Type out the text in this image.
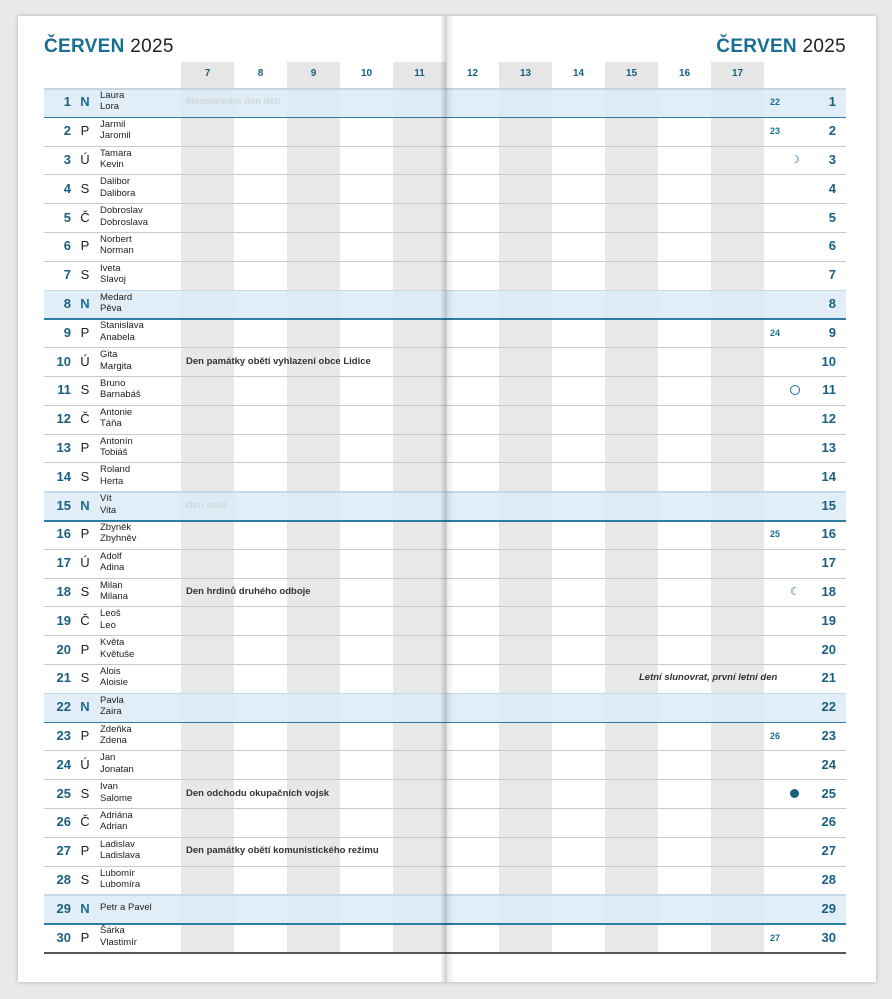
ČERVEN 2025	ČERVEN 2025
7	8	9	10	11	12	13	14	15	16	17
1 N Laura
Lora	Mezinárodní den dětí	22	1
2 P Jarmil
Jaromil	23	2
3 Ú Tamara
Kevin	☽	3
4 S Dalibor
Dalibora	4
5 Č Dobroslav
Dobroslava	5
6 P Norbert
Norman	6
7 S Iveta
Slavoj	7
8 N Medard
Pěva	8
9 P Stanislava
Anabela	24	9
10 Ú Gita
Margita	Den památky obětí vyhlazení obce Lidice	10
11 S Bruno
Barnabáš	11
12 Č Antonie
Táňa	12
13 P Antonín
Tobiáš	13
14 S Roland
Herta	14
15 N Vít
Vita	Den otců	15
16 P Zbyněk
Zbyhněv	25	16
17 Ú Adolf
Adina	17
18 S Milan
Milana	Den hrdinů druhého odboje	☾	18
19 Č Leoš
Leo	19
20 P Květa
Květuše	20
21 S Alois
Aloisie	Letní slunovrat, první letní den	21
22 N Pavla
Zaira	22
23 P Zdeňka
Zdena	26	23
24 Ú Jan
Jonatan	24
25 S Ivan
Salome	Den odchodu okupačních vojsk	25
26 Č Adriána
Adrian	26
27 P Ladislav
Ladislava	Den památky obětí komunistického režimu	27
28 S Lubomír
Lubomíra	28
29 N Petr a Pavel	29
30 P Šárka
Vlastimír	27	30
